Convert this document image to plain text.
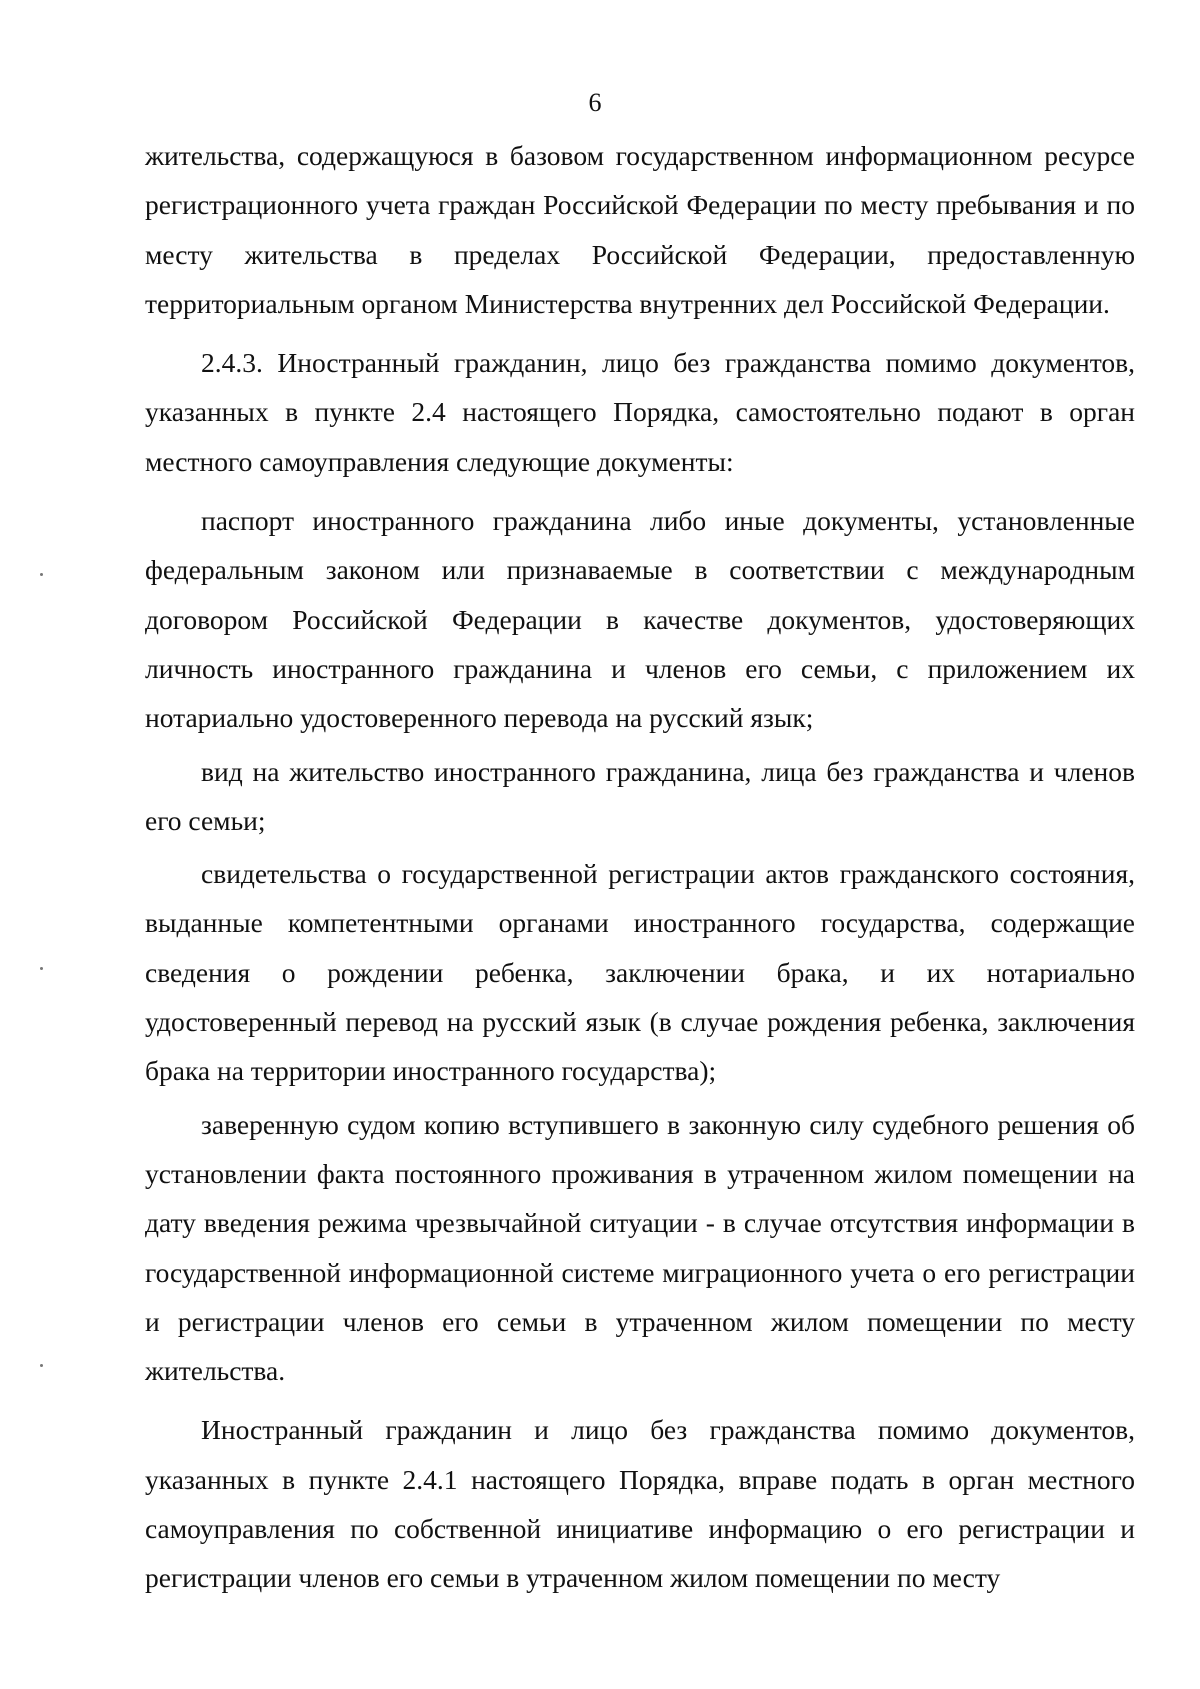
6

жительства, содержащуюся в базовом государственном информационном ресурсе регистрационного учета граждан Российской Федерации по месту пребывания и по месту жительства в пределах Российской Федерации, предоставленную территориальным органом Министерства внутренних дел Российской Федерации.

2.4.3. Иностранный гражданин, лицо без гражданства помимо документов, указанных в пункте 2.4 настоящего Порядка, самостоятельно подают в орган местного самоуправления следующие документы:

паспорт иностранного гражданина либо иные документы, установленные федеральным законом или признаваемые в соответствии с международным договором Российской Федерации в качестве документов, удостоверяющих личность иностранного гражданина и членов его семьи, с приложением их нотариально удостоверенного перевода на русский язык;

вид на жительство иностранного гражданина, лица без гражданства и членов его семьи;

свидетельства о государственной регистрации актов гражданского состояния, выданные компетентными органами иностранного государства, содержащие сведения о рождении ребенка, заключении брака, и их нотариально удостоверенный перевод на русский язык (в случае рождения ребенка, заключения брака на территории иностранного государства);

заверенную судом копию вступившего в законную силу судебного решения об установлении факта постоянного проживания в утраченном жилом помещении на дату введения режима чрезвычайной ситуации - в случае отсутствия информации в государственной информационной системе миграционного учета о его регистрации и регистрации членов его семьи в утраченном жилом помещении по месту жительства.

Иностранный гражданин и лицо без гражданства помимо документов, указанных в пункте 2.4.1 настоящего Порядка, вправе подать в орган местного самоуправления по собственной инициативе информацию о его регистрации и регистрации членов его семьи в утраченном жилом помещении по месту
